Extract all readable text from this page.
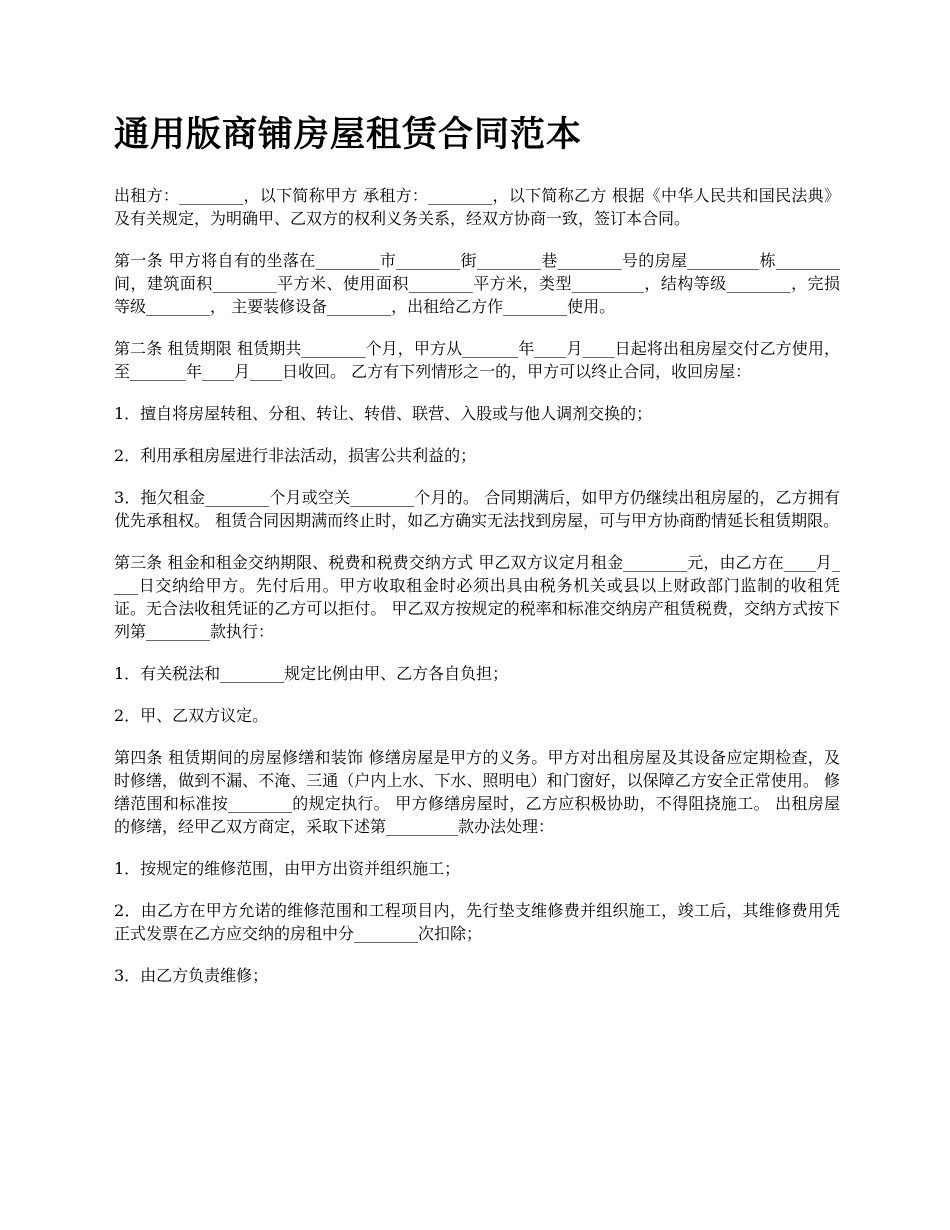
通用版商铺房屋租赁合同范本

出租方：________，以下简称甲方 承租方：________，以下简称乙方 根据《中华人民共和国民法典》及有关规定，为明确甲、乙双方的权利义务关系，经双方协商一致，签订本合同。

第一条 甲方将自有的坐落在________市________街________巷________号的房屋_________栋________间，建筑面积________平方米、使用面积________平方米，类型_________，结构等级________，完损等级________， 主要装修设备________，出租给乙方作________使用。

第二条 租赁期限 租赁期共________个月，甲方从_______年____月____日起将出租房屋交付乙方使用，至_______年____月____日收回。 乙方有下列情形之一的，甲方可以终止合同，收回房屋：

1．擅自将房屋转租、分租、转让、转借、联营、入股或与他人调剂交换的；

2．利用承租房屋进行非法活动，损害公共利益的；

3．拖欠租金________个月或空关________个月的。 合同期满后，如甲方仍继续出租房屋的，乙方拥有优先承租权。 租赁合同因期满而终止时，如乙方确实无法找到房屋，可与甲方协商酌情延长租赁期限。

第三条 租金和租金交纳期限、税费和税费交纳方式 甲乙双方议定月租金________元，由乙方在____月____日交纳给甲方。先付后用。甲方收取租金时必须出具由税务机关或县以上财政部门监制的收租凭证。无合法收租凭证的乙方可以拒付。 甲乙双方按规定的税率和标准交纳房产租赁税费，交纳方式按下列第________款执行：

1．有关税法和________规定比例由甲、乙方各自负担；

2．甲、乙双方议定。

第四条 租赁期间的房屋修缮和装饰 修缮房屋是甲方的义务。甲方对出租房屋及其设备应定期检查，及时修缮，做到不漏、不淹、三通（户内上水、下水、照明电）和门窗好，以保障乙方安全正常使用。 修缮范围和标准按________的规定执行。 甲方修缮房屋时，乙方应积极协助，不得阻挠施工。 出租房屋的修缮，经甲乙双方商定，采取下述第_________款办法处理：

1．按规定的维修范围，由甲方出资并组织施工；

2．由乙方在甲方允诺的维修范围和工程项目内，先行垫支维修费并组织施工，竣工后，其维修费用凭正式发票在乙方应交纳的房租中分________次扣除；

3．由乙方负责维修；
